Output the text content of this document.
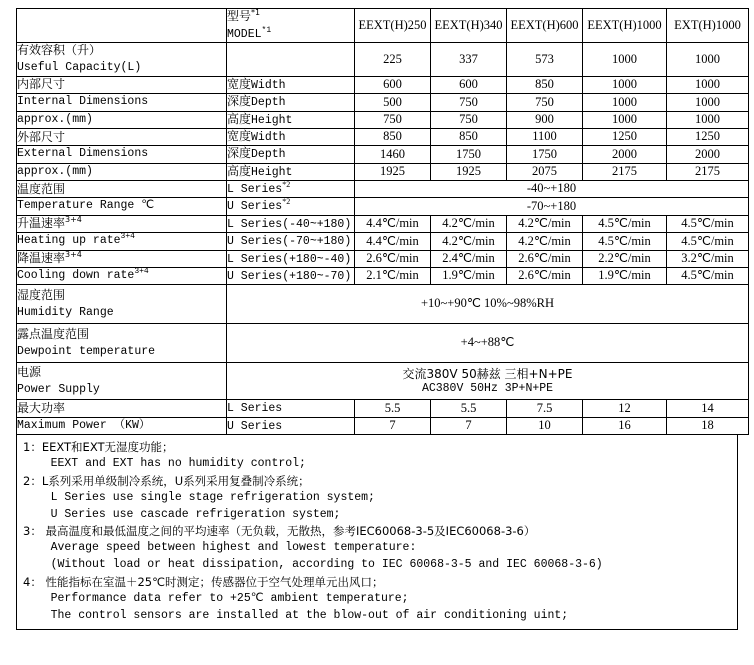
	型号$^{*1}$
MODEL$^{*1}$	EEXT(H)250	EEXT(H)340	EEXT(H)600	EEXT(H)1000	EXT(H)1000

有效容积（升）
Useful Capacity(L)		225	337	573	1000	1000

内部尺寸	宽度Width	600	600	850	1000	1000

Internal Dimensions	深度Depth	500	750	750	1000	1000

approx.(mm)	高度Height	750	750	900	1000	1000

外部尺寸	宽度Width	850	850	1100	1250	1250

External Dimensions	深度Depth	1460	1750	1750	2000	2000

approx.(mm)	高度Height	1925	1925	2075	2175	2175

温度范围	L Series$^{*2}$	-40~+180				

Temperature Range ℃	U Series$^{*2}$	-70~+180				

升温速率$^{3+4}$	L Series(-40~+180)	4.4℃/min	4.2℃/min	4.2℃/min	4.5℃/min	4.5℃/min

Heating up rate$^{3+4}$	U Series(-70~+180)	4.4℃/min	4.2℃/min	4.2℃/min	4.5℃/min	4.5℃/min

降温速率$^{3+4}$	L Series(+180~-40)	2.6℃/min	2.4℃/min	2.6℃/min	2.2℃/min	3.2℃/min

Cooling down rate$^{3+4}$	U Series(+180~-70)	2.1℃/min	1.9℃/min	2.6℃/min	1.9℃/min	4.5℃/min

湿度范围
Humidity Range	+10~+90℃ 10%~98%RH					

露点温度范围
Dewpoint temperature	+4~+88℃					

电源
Power Supply

交流380V 50赫兹 三相+N+PE
AC380V 50Hz 3P+N+PE

最大功率	L Series	5.5	5.5	7.5	12	14

Maximum Power （KW）	U Series	7	7	10	16	18
1：EEXT和EXT无湿度功能；
EEXT and EXT has no humidity control;
2：L系列采用单级制冷系统，U系列采用复叠制冷系统；
L Series use single stage refrigeration system;
U Series use cascade refrigeration system;
3： 最高温度和最低温度之间的平均速率（无负载，无散热，参考IEC60068-3-5及IEC60068-3-6）
Average speed between highest and lowest temperature:
(Without load or heat dissipation, according to IEC 60068-3-5 and IEC 60068-3-6)
4： 性能指标在室温＋25℃时测定；传感器位于空气处理单元出风口；
Performance data refer to +25℃ ambient temperature;
The control sensors are installed at the blow-out of air conditioning uint;
